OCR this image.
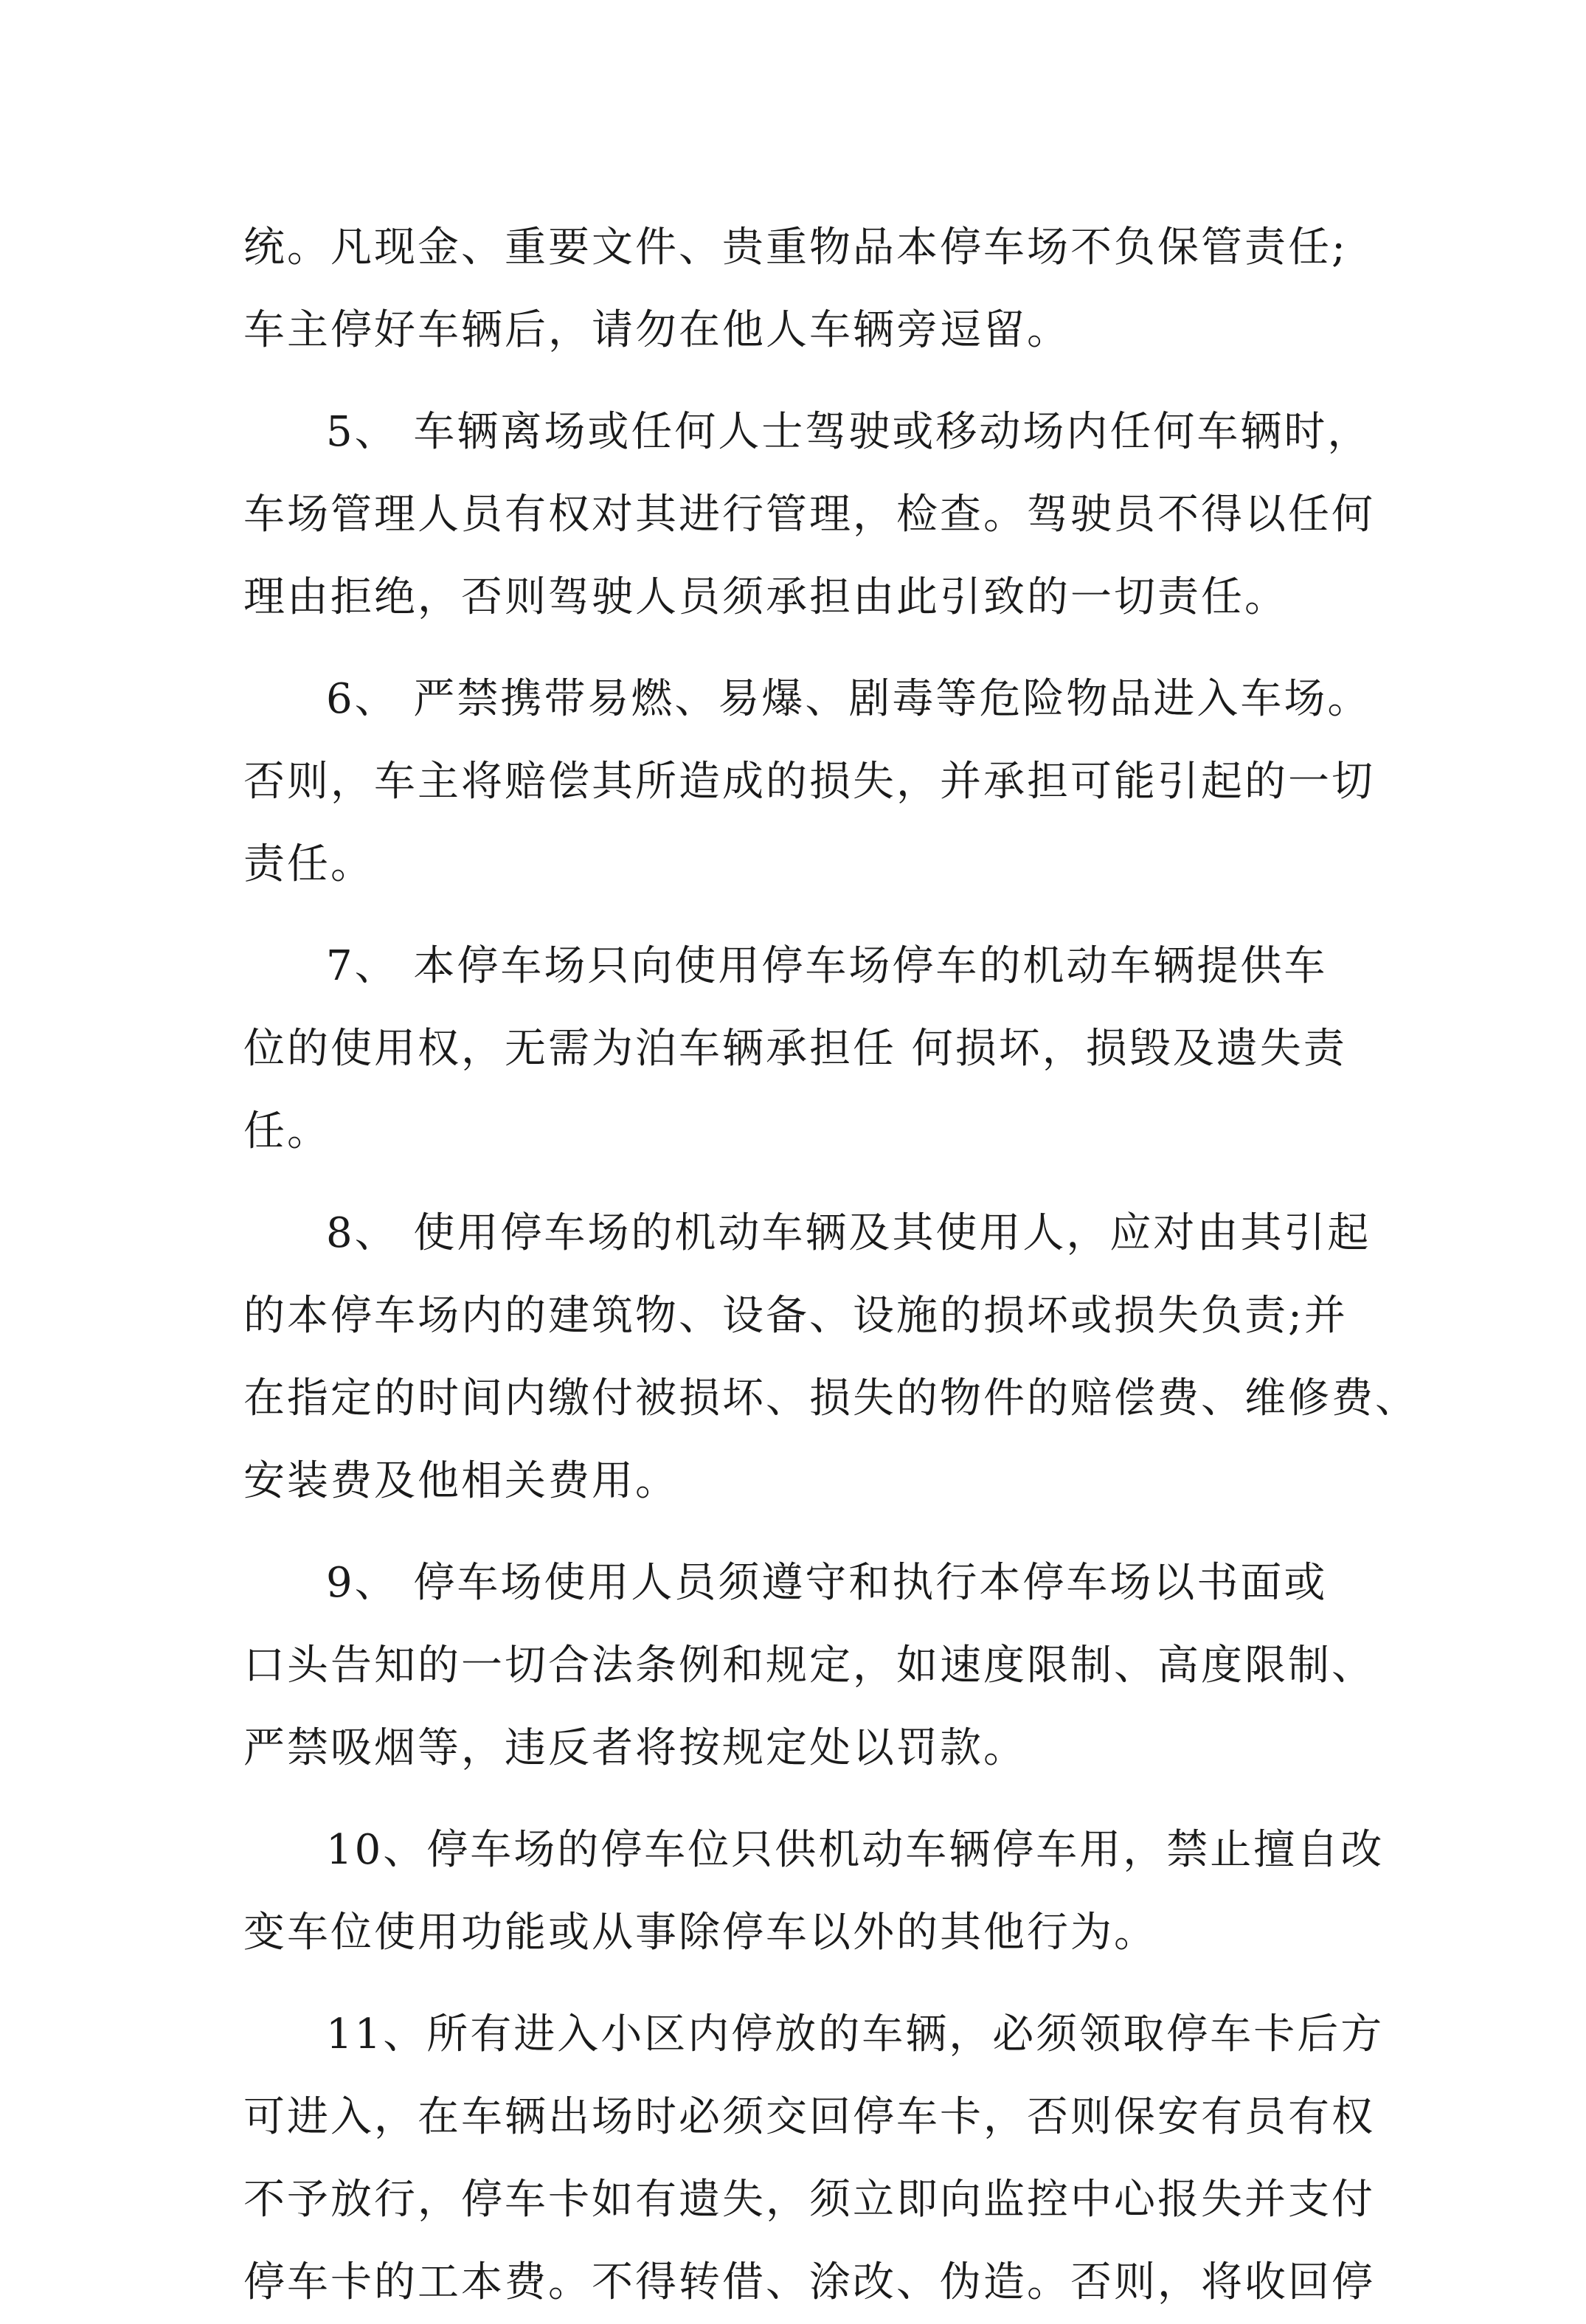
统。凡现金、重要文件、贵重物品本停车场不负保管责任;
车主停好车辆后，请勿在他人车辆旁逗留。
5、 车辆离场或任何人士驾驶或移动场内任何车辆时，
车场管理人员有权对其进行管理，检查。驾驶员不得以任何
理由拒绝，否则驾驶人员须承担由此引致的一切责任。
6、 严禁携带易燃、易爆、剧毒等危险物品进入车场。
否则，车主将赔偿其所造成的损失，并承担可能引起的一切
责任。
7、 本停车场只向使用停车场停车的机动车辆提供车
位的使用权，无需为泊车辆承担任 何损坏，损毁及遗失责
任。
8、 使用停车场的机动车辆及其使用人，应对由其引起
的本停车场内的建筑物、设备、设施的损坏或损失负责;并
在指定的时间内缴付被损坏、损失的物件的赔偿费、维修费、
安装费及他相关费用。
9、 停车场使用人员须遵守和执行本停车场以书面或
口头告知的一切合法条例和规定，如速度限制、高度限制、
严禁吸烟等，违反者将按规定处以罚款。
10、停车场的停车位只供机动车辆停车用，禁止擅自改
变车位使用功能或从事除停车以外的其他行为。
11、所有进入小区内停放的车辆，必须领取停车卡后方
可进入，在车辆出场时必须交回停车卡，否则保安有员有权
不予放行，停车卡如有遗失，须立即向监控中心报失并支付
停车卡的工本费。不得转借、涂改、伪造。否则，将收回停
